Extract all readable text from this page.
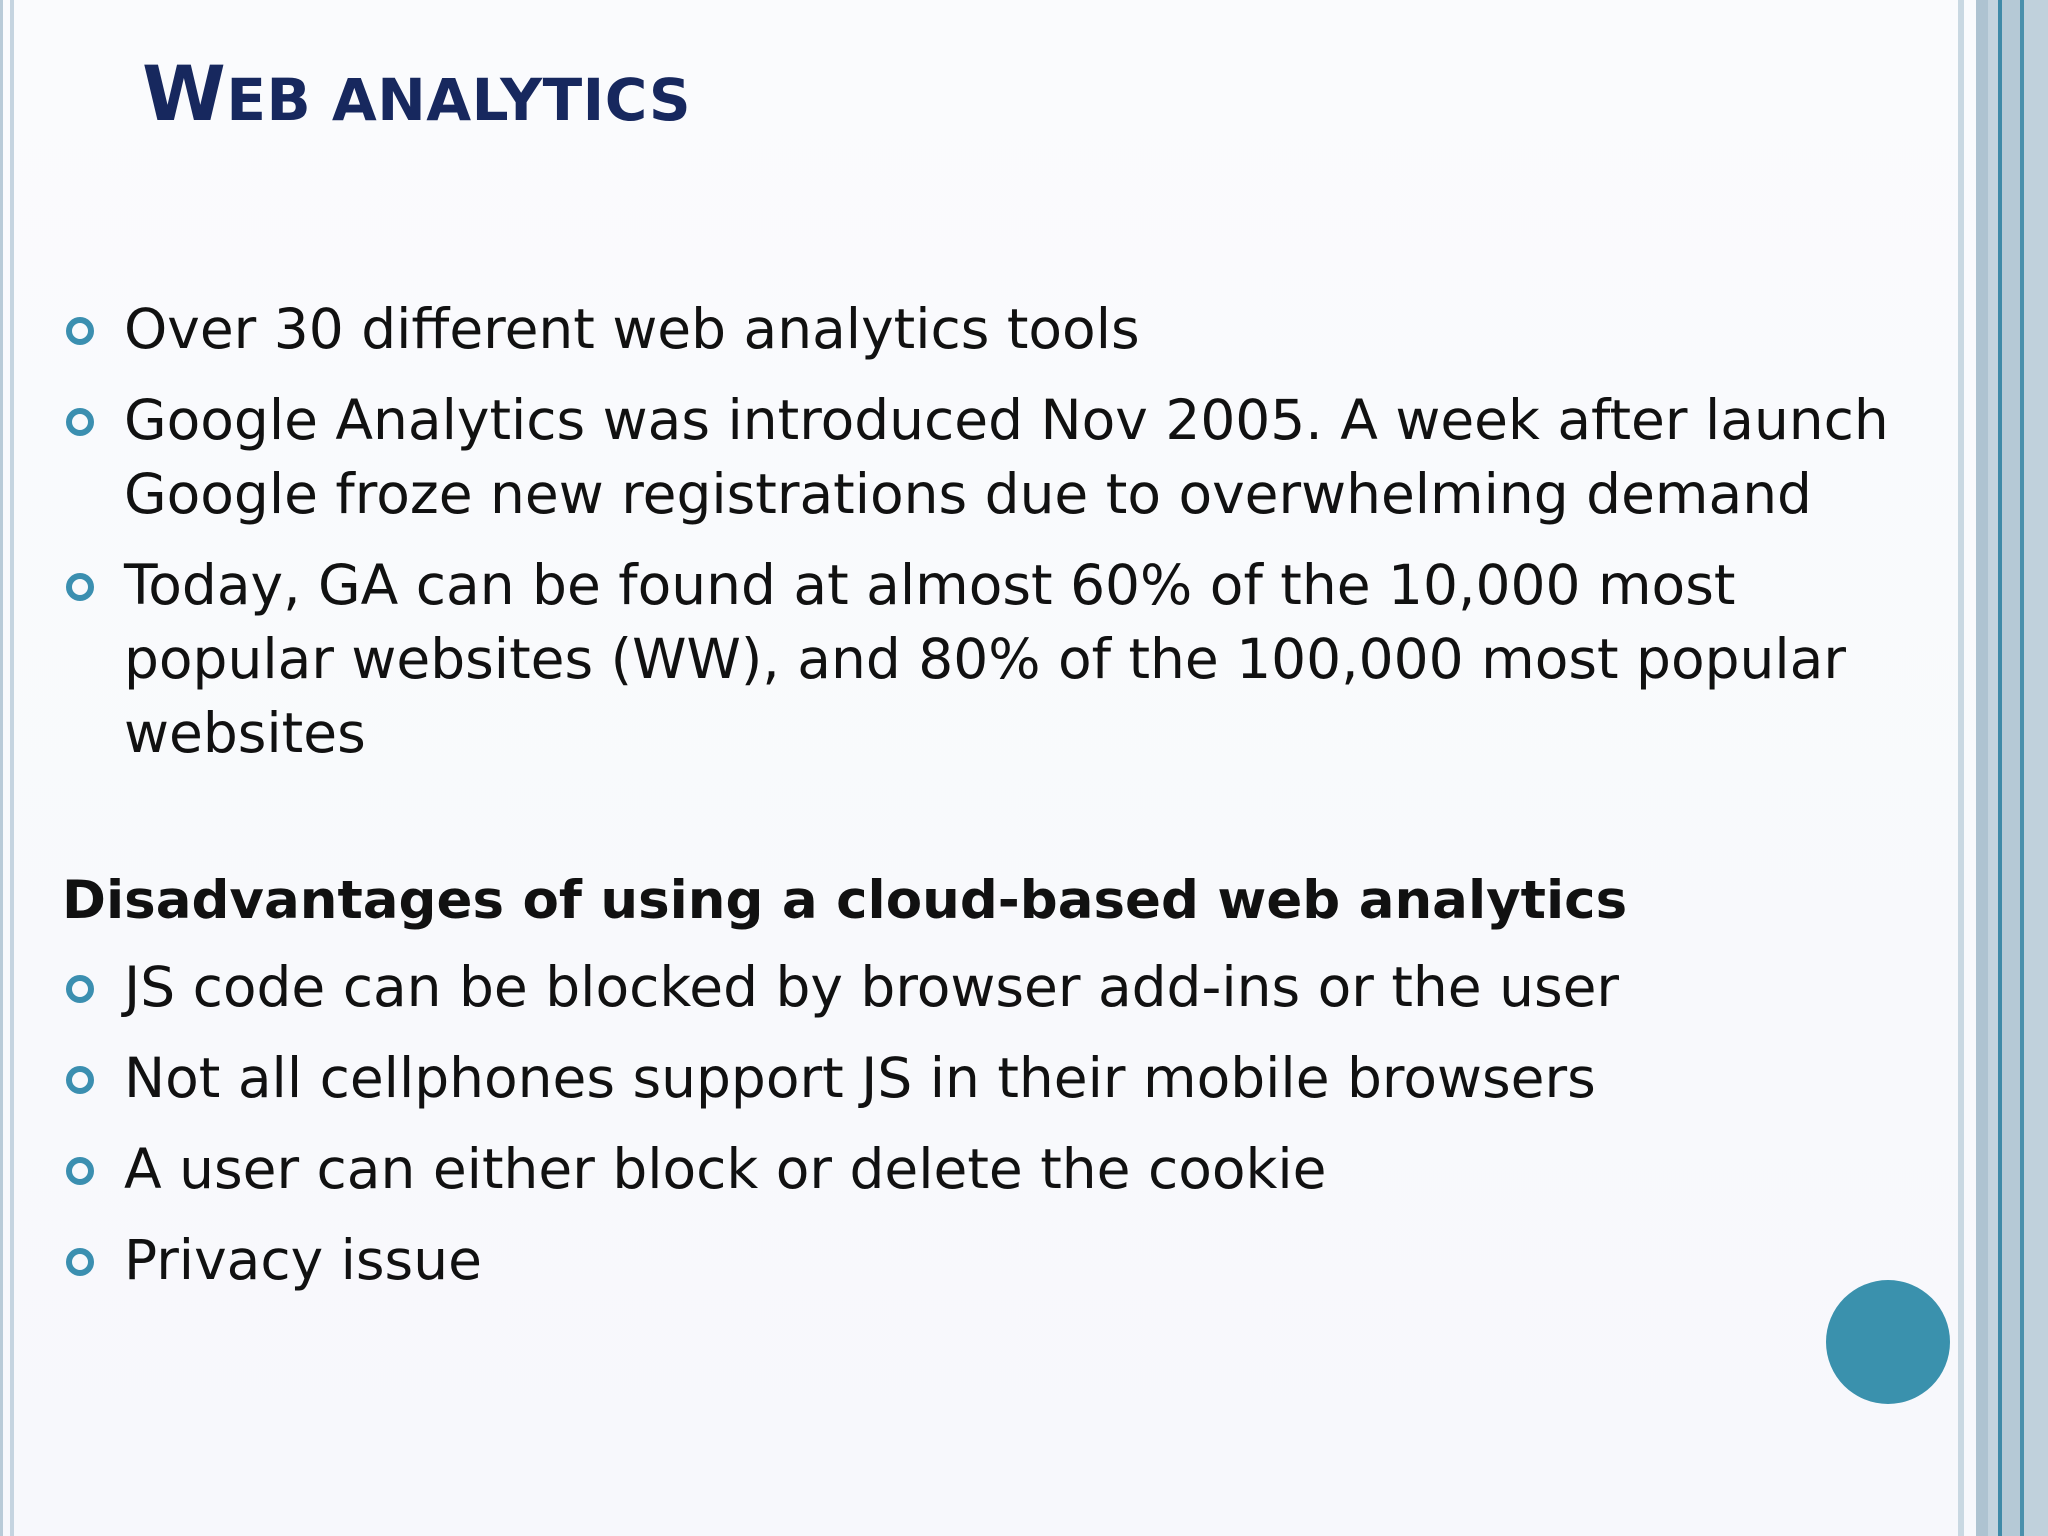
WEB ANALYTICS
Over 30 different web analytics tools
Google Analytics was introduced Nov 2005. A week after launch Google froze new registrations due to overwhelming demand
Today, GA can be found at almost 60% of the 10,000 most popular websites (WW), and 80% of the 100,000 most popular websites
Disadvantages of using a cloud-based web analytics
JS code can be blocked by browser add-ins or the user
Not all cellphones support JS in their mobile browsers
A user can either block or delete the cookie
Privacy issue
